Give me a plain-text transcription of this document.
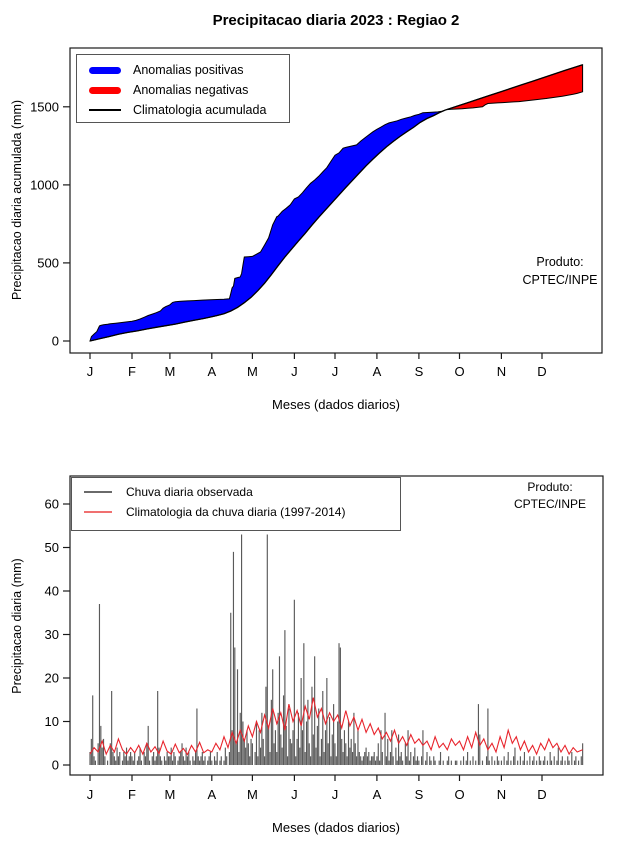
J	F M A M	J	J	A	S O N D
0
500
1000
1500
J	F M A M	J	J	A	S O N D
0
10
20
30
40
50
60
Precipitacao diaria 2023 : Regiao 2
Precipitacao diaria acumulada (mm)
Meses (dados diarios)
Anomalias positivas
Anomalias negativas
Climatologia acumulada
Produto:
CPTEC/INPE
Precipitacao diaria (mm)
Meses (dados diarios)
Chuva diaria observada
Climatologia da chuva diaria (1997-2014)
Produto:
CPTEC/INPE
